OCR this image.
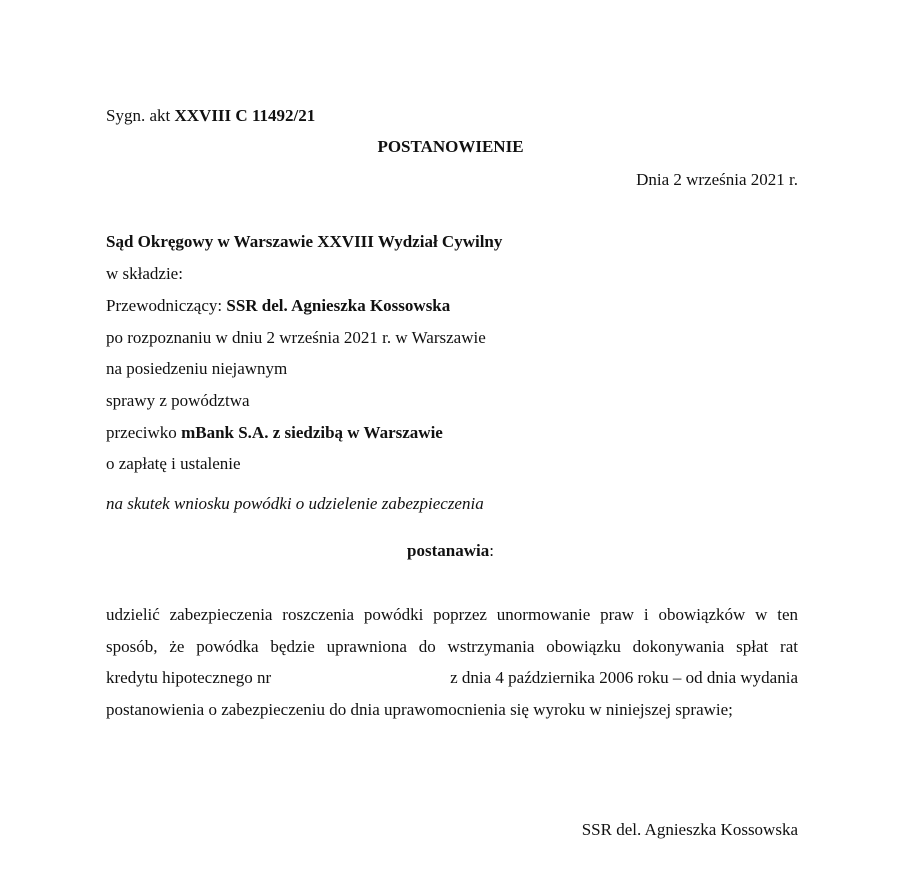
Sygn. akt XXVIII C 11492/21
POSTANOWIENIE
Dnia 2 września 2021 r.
Sąd Okręgowy w Warszawie XXVIII Wydział Cywilny
w składzie:
Przewodniczący: SSR del. Agnieszka Kossowska
po rozpoznaniu w dniu 2 września 2021 r. w Warszawie
na posiedzeniu niejawnym
sprawy z powództwa
przeciwko mBank S.A. z siedzibą w Warszawie
o zapłatę i ustalenie
na skutek wniosku powódki o udzielenie zabezpieczenia
postanawia:
udzielić zabezpieczenia roszczenia powódki poprzez unormowanie praw i obowiązków w ten
sposób, że powódka będzie uprawniona do wstrzymania obowiązku dokonywania spłat rat
kredytu hipotecznego nr	z dnia 4 października 2006 roku – od dnia wydania
postanowienia o zabezpieczeniu do dnia uprawomocnienia się wyroku w niniejszej sprawie;
SSR del. Agnieszka Kossowska
